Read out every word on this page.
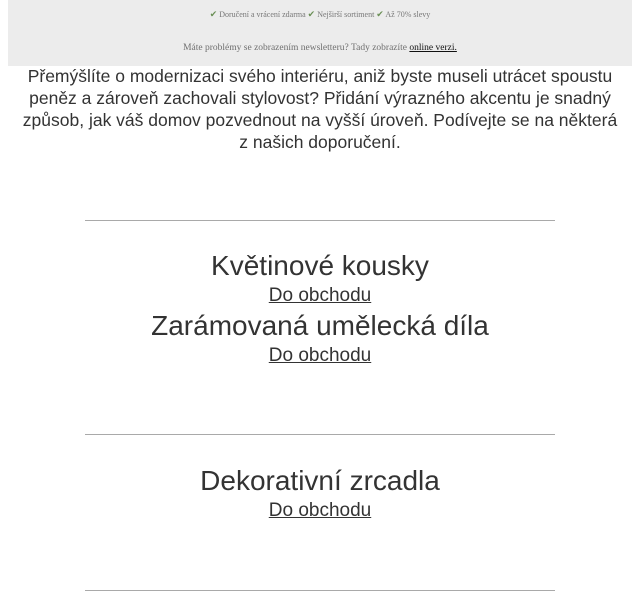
✔ Doručení a vrácení zdarma ✔ Nejširší sortiment ✔ Až 70% slevy
Máte problémy se zobrazením newsletteru? Tady zobrazíte online verzi.
Přemýšlíte o modernizaci svého interiéru, aniž byste museli utrácet spoustu peněz a zároveň zachovali stylovost? Přidání výrazného akcentu je snadný způsob, jak váš domov pozvednout na vyšší úroveň. Podívejte se na některá z našich doporučení.
Květinové kousky
Do obchodu
Zarámovaná umělecká díla
Do obchodu
Dekorativní zrcadla
Do obchodu
